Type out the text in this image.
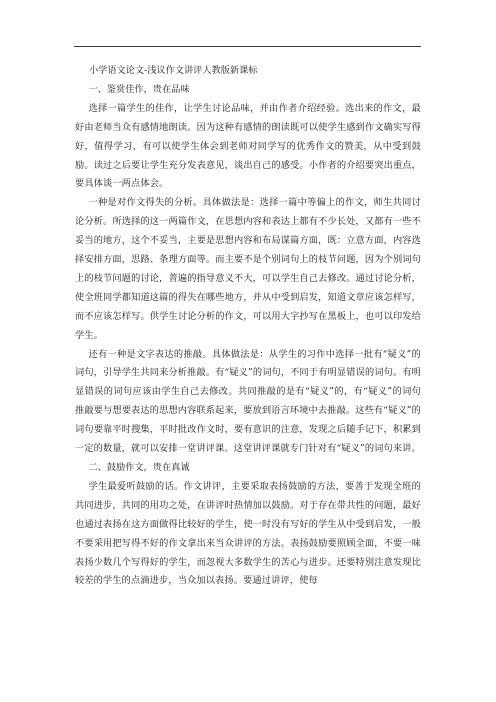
小学语文论文-浅议作文讲评人教版新课标

一、鉴赏佳作，贵在品味

选择一篇学生的佳作，让学生讨论品味，并由作者介绍经验。选出来的作文，最好由老师当众有感情地朗读。因为这种有感情的朗读既可以使学生感到作文确实写得好，值得学习，有可以使学生体会到老师对同学写的优秀作文的赞美，从中受到鼓励。读过之后要让学生充分发表意见，谈出自己的感受。小作者的介绍要突出重点，要具体谈一两点体会。

一种是对作文得失的分析。具体做法是：选择一篇中等偏上的作文，师生共同讨论分析。所选择的这一两篇作文，在思想内容和表达上都有不少长处，又都有一些不妥当的地方，这个不妥当，主要是思想内容和布局谋篇方面，既：立意方面，内容选择安排方面，思路、条理方面等。而主要不是个别词句上的枝节问题，因为个别词句上的枝节问题的讨论，普遍的指导意义不大，可以学生自己去修改。通过讨论分析，使全班同学都知道这篇的得失在哪些地方，并从中受到启发，知道文章应该怎样写，而不应该怎样写。供学生讨论分析的作文，可以用大字抄写在黑板上，也可以印发给学生。

还有一种是文字表达的推敲。具体做法是：从学生的习作中选择一批有“疑义”的词句，引导学生共同来分析推敲。有“疑义”的词句，不同于有明显错误的词句。有明显错误的词句应该由学生自己去修改。共同推敲的是有“疑义”的，有“疑义”的词句推敲要与想要表达的思想内容联系起来，要放到语言环境中去推敲。这些有“疑义”的词句要靠平时搜集，平时批改作文时，要有意识的注意，发现之后随手记下，积累到一定的数量，就可以安排一堂讲评课。这堂讲评课就专门针对有“疑义”的词句来讲。

二、鼓励作文，贵在真诚

学生最爱听鼓励的话。作文讲评，主要采取表扬鼓励的方法，要善于发现全班的共同进步，共同的用功之处，在讲评时热情加以鼓励。对于存在带共性的问题，最好也通过表扬在这方面做得比较好的学生，使一时没有写好的学生从中受到启发，一般不要采用把写得不好的作文拿出来当众讲评的方法。表扬鼓励要照顾全面，不要一味表扬少数几个写得好的学生，而忽视大多数学生的苦心与进步。还要特别注意发现比较差的学生的点滴进步，当众加以表扬。要通过讲评，使每
